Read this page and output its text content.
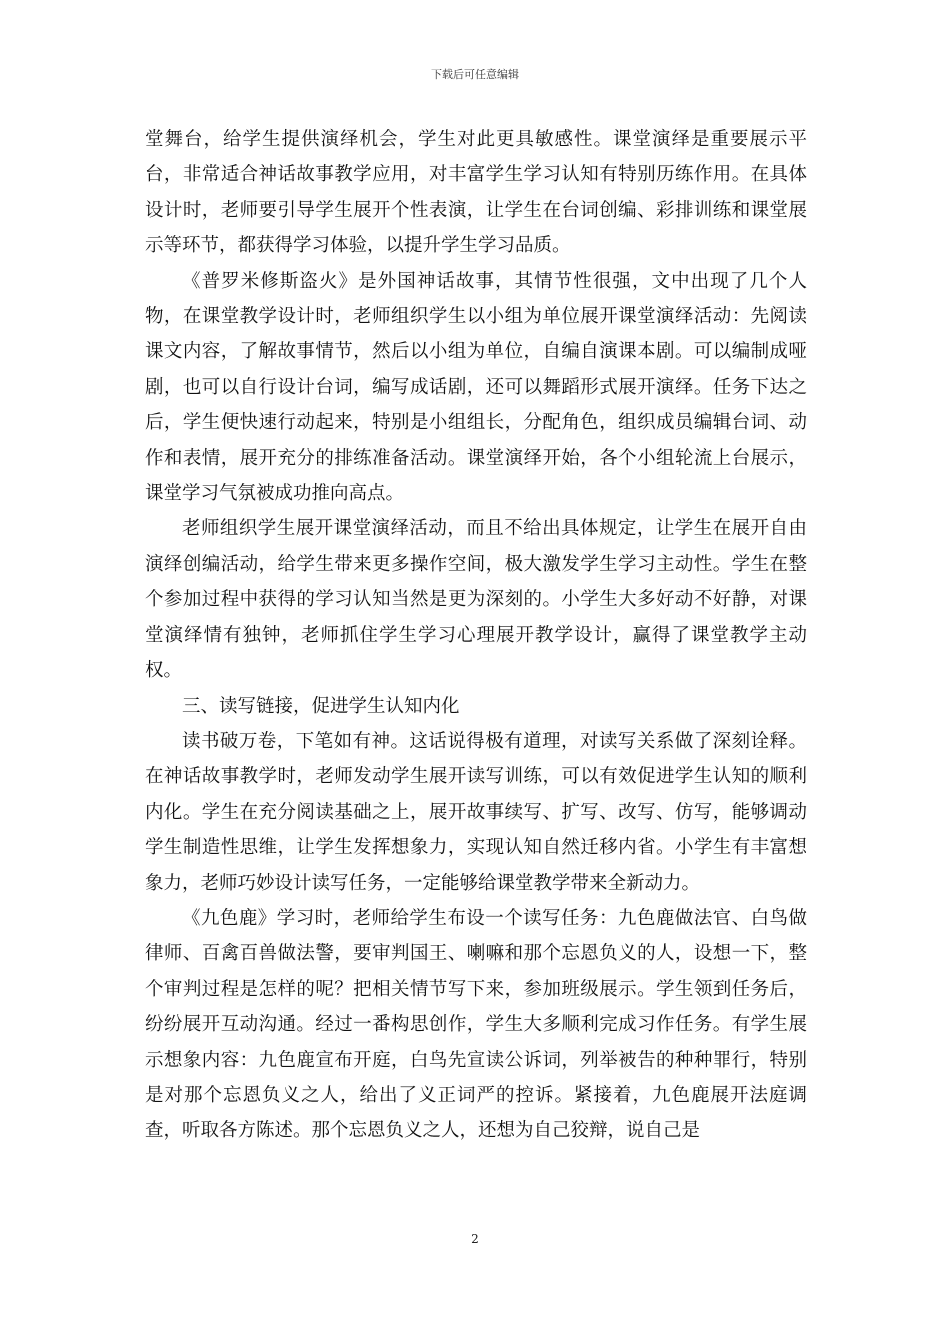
下载后可任意编辑

堂舞台，给学生提供演绎机会，学生对此更具敏感性。课堂演绎是重要展示平台，非常适合神话故事教学应用，对丰富学生学习认知有特别历练作用。在具体设计时，老师要引导学生展开个性表演，让学生在台词创编、彩排训练和课堂展示等环节，都获得学习体验，以提升学生学习品质。

《普罗米修斯盗火》是外国神话故事，其情节性很强，文中出现了几个人物，在课堂教学设计时，老师组织学生以小组为单位展开课堂演绎活动：先阅读课文内容，了解故事情节，然后以小组为单位，自编自演课本剧。可以编制成哑剧，也可以自行设计台词，编写成话剧，还可以舞蹈形式展开演绎。任务下达之后，学生便快速行动起来，特别是小组组长，分配角色，组织成员编辑台词、动作和表情，展开充分的排练准备活动。课堂演绎开始，各个小组轮流上台展示，课堂学习气氛被成功推向高点。

老师组织学生展开课堂演绎活动，而且不给出具体规定，让学生在展开自由演绎创编活动，给学生带来更多操作空间，极大激发学生学习主动性。学生在整个参加过程中获得的学习认知当然是更为深刻的。小学生大多好动不好静，对课堂演绎情有独钟，老师抓住学生学习心理展开教学设计，赢得了课堂教学主动权。

三、读写链接，促进学生认知内化

读书破万卷，下笔如有神。这话说得极有道理，对读写关系做了深刻诠释。在神话故事教学时，老师发动学生展开读写训练，可以有效促进学生认知的顺利内化。学生在充分阅读基础之上，展开故事续写、扩写、改写、仿写，能够调动学生制造性思维，让学生发挥想象力，实现认知自然迁移内省。小学生有丰富想象力，老师巧妙设计读写任务，一定能够给课堂教学带来全新动力。

《九色鹿》学习时，老师给学生布设一个读写任务：九色鹿做法官、白鸟做律师、百禽百兽做法警，要审判国王、喇嘛和那个忘恩负义的人，设想一下，整个审判过程是怎样的呢？把相关情节写下来，参加班级展示。学生领到任务后，纷纷展开互动沟通。经过一番构思创作，学生大多顺利完成习作任务。有学生展示想象内容：九色鹿宣布开庭，白鸟先宣读公诉词，列举被告的种种罪行，特别是对那个忘恩负义之人，给出了义正词严的控诉。紧接着，九色鹿展开法庭调查，听取各方陈述。那个忘恩负义之人，还想为自己狡辩，说自己是

2
